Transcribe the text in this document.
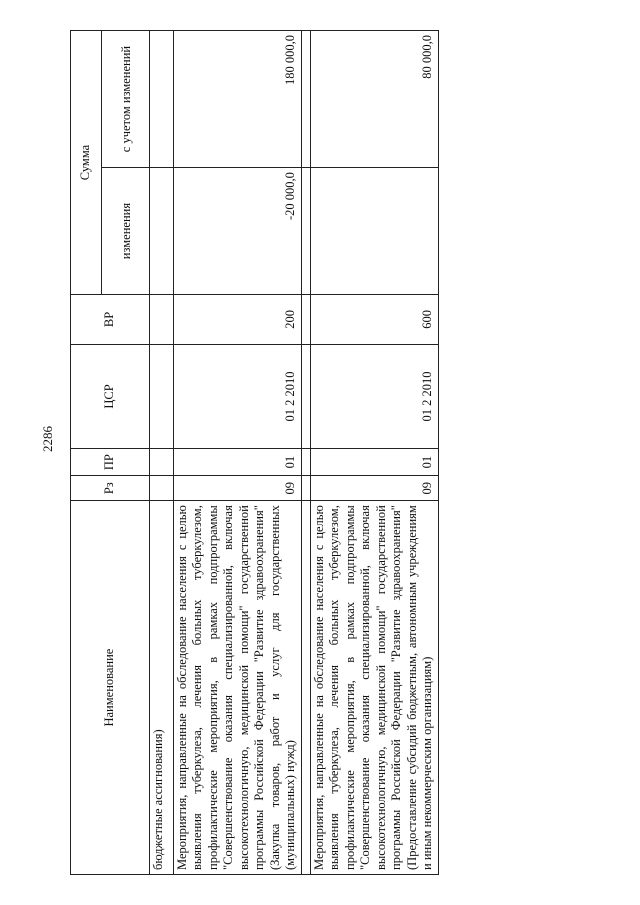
2286
Наименование	Рз	ПР	ЦСР	ВР	Сумма	
					изменения	с учетом изменений
бюджетные ассигнования)						
Мероприятия, направленные на обследование населения с целью выявления туберкулеза, лечения больных туберкулезом, профилактические мероприятия, в рамках подпрограммы "Совершенствование оказания специализированной, включая высокотехнологичную, медицинской помощи" государственной программы Российской Федерации "Развитие здравоохранения" (Закупка товаров, работ и услуг для государственных (муниципальных) нужд)	09	01	01 2 2010	200	-20 000,0	180 000,0

Мероприятия, направленные на обследование населения с целью выявления туберкулеза, лечения больных туберкулезом, профилактические мероприятия, в рамках подпрограммы "Совершенствование оказания специализированной, включая высокотехнологичную, медицинской помощи" государственной программы Российской Федерации "Развитие здравоохранения" (Предоставление субсидий бюджетным, автономным учреждениям и иным некоммерческим организациям)	09	01	01 2 2010	600		80 000,0
